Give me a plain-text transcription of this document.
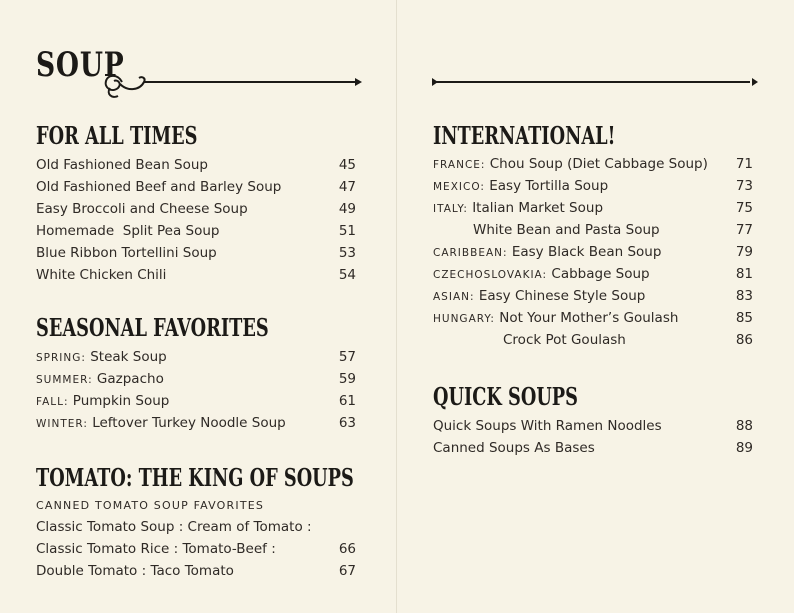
SOUP
FOR ALL TIMES
Old Fashioned Bean Soup	45
Old Fashioned Beef and Barley Soup	47
Easy Broccoli and Cheese Soup	49
Homemade  Split Pea Soup	51
Blue Ribbon Tortellini Soup	53
White Chicken Chili	54
SEASONAL FAVORITES
SPRING: Steak Soup	57
SUMMER: Gazpacho	59
FALL: Pumpkin Soup	61
WINTER: Leftover Turkey Noodle Soup	63
TOMATO: THE KING OF SOUPS
CANNED TOMATO SOUP FAVORITES
Classic Tomato Soup : Cream of Tomato :
Classic Tomato Rice : Tomato-Beef :	66
Double Tomato : Taco Tomato	67
INTERNATIONAL!
FRANCE: Chou Soup (Diet Cabbage Soup) 71
MEXICO: Easy Tortilla Soup	73
ITALY: Italian Market Soup	75
White Bean and Pasta Soup	77
CARIBBEAN: Easy Black Bean Soup	79
CZECHOSLOVAKIA: Cabbage Soup	81
ASIAN: Easy Chinese Style Soup	83
HUNGARY: Not Your Mother’s Goulash	85
Crock Pot Goulash	86
QUICK SOUPS
Quick Soups With Ramen Noodles	88
Canned Soups As Bases	89
